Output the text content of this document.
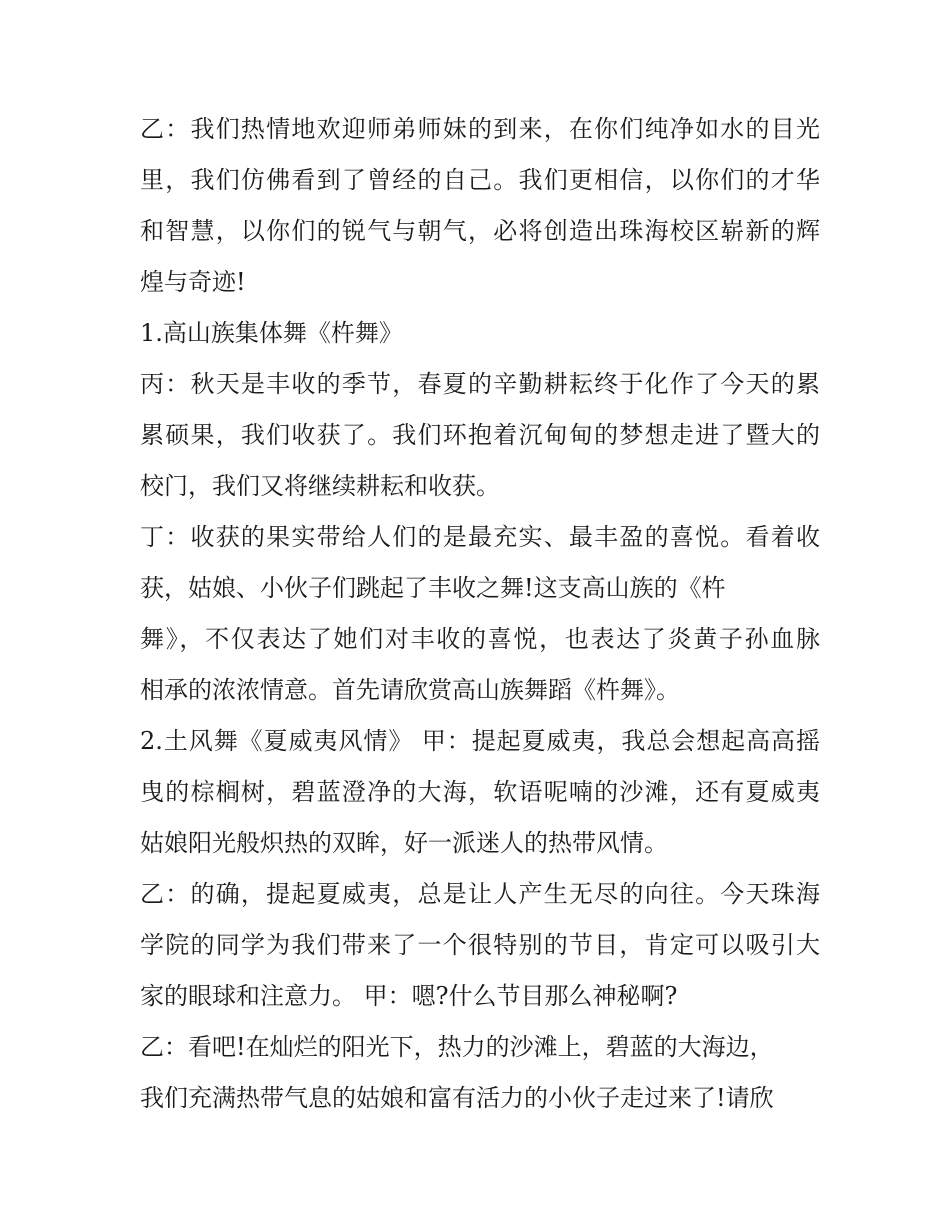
乙：我们热情地欢迎师弟师妹的到来，在你们纯净如水的目光
里，我们仿佛看到了曾经的自己。我们更相信，以你们的才华
和智慧，以你们的锐气与朝气，必将创造出珠海校区崭新的辉
煌与奇迹!
1.高山族集体舞《杵舞》
丙：秋天是丰收的季节，春夏的辛勤耕耘终于化作了今天的累
累硕果，我们收获了。我们环抱着沉甸甸的梦想走进了暨大的
校门，我们又将继续耕耘和收获。
丁：收获的果实带给人们的是最充实、最丰盈的喜悦。看着收
获，姑娘、小伙子们跳起了丰收之舞!这支高山族的《杵
舞》，不仅表达了她们对丰收的喜悦，也表达了炎黄子孙血脉
相承的浓浓情意。首先请欣赏高山族舞蹈《杵舞》。
2.土风舞《夏威夷风情》 甲：提起夏威夷，我总会想起高高摇
曳的棕榈树，碧蓝澄净的大海，软语呢喃的沙滩，还有夏威夷
姑娘阳光般炽热的双眸，好一派迷人的热带风情。
乙：的确，提起夏威夷，总是让人产生无尽的向往。今天珠海
学院的同学为我们带来了一个很特别的节目，肯定可以吸引大
家的眼球和注意力。 甲：嗯?什么节目那么神秘啊?
乙：看吧!在灿烂的阳光下，热力的沙滩上，碧蓝的大海边，
我们充满热带气息的姑娘和富有活力的小伙子走过来了!请欣
